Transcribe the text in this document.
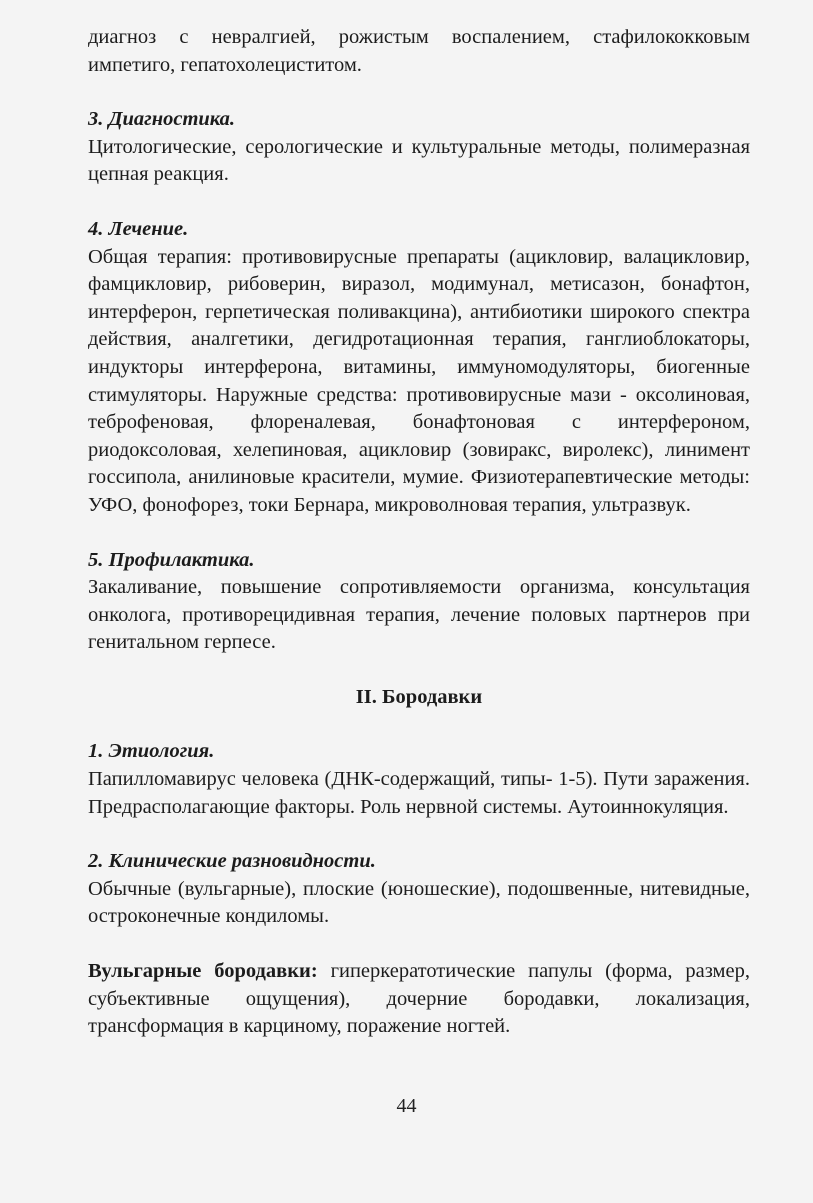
диагноз с невралгией, рожистым воспалением, стафилококковым импетиго, гепатохолециститом.

3. Диагностика.

Цитологические, серологические и культуральные методы, полимеразная цепная реакция.

4. Лечение.

Общая терапия: противовирусные препараты (ацикловир, валацикловир, фамцикловир, рибоверин, виразол, модимунал, метисазон, бонафтон, интерферон, герпетическая поливакцина), антибиотики широкого спектра действия, аналгетики, дегидротационная терапия, ганглиоблокаторы, индукторы интерферона, витамины, иммуномодуляторы, биогенные стимуляторы. Наружные средства: противовирусные мази - оксолиновая, теброфеновая, флореналевая, бонафтоновая с интерфероном, риодоксоловая, хелепиновая, ацикловир (зовиракс, виролекс), линимент госсипола, анилиновые красители, мумие. Физиотерапевтические методы: УФО, фонофорез, токи Бернара, микроволновая терапия, ультразвук.

5. Профилактика.

Закаливание, повышение сопротивляемости организма, консультация онколога, противорецидивная терапия, лечение половых партнеров при генитальном герпесе.

II. Бородавки

1. Этиология.

Папилломавирус человека (ДНК-содержащий, типы- 1-5). Пути заражения. Предрасполагающие факторы. Роль нервной системы. Аутоиннокуляция.

2. Клинические разновидности.

Обычные (вульгарные), плоские (юношеские), подошвенные, нитевидные, остроконечные кондиломы.

Вульгарные бородавки: гиперкератотические папулы (форма, размер, субъективные ощущения), дочерние бородавки, локализация, трансформация в карциному, поражение ногтей.

44
